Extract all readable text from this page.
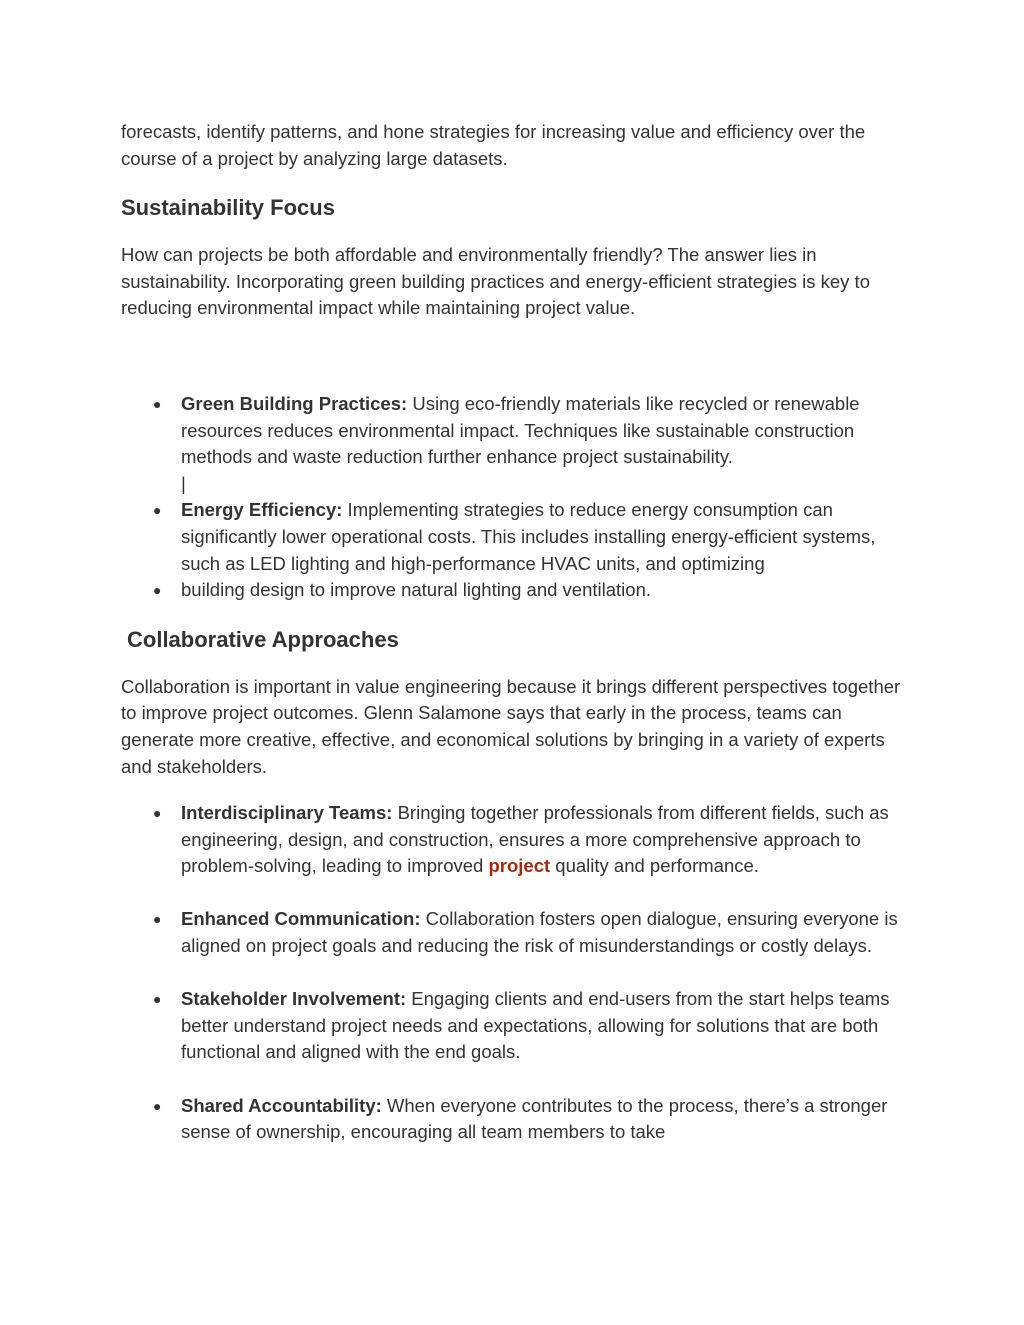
forecasts, identify patterns, and hone strategies for increasing value and efficiency over the course of a project by analyzing large datasets.

Sustainability Focus

How can projects be both affordable and environmentally friendly? The answer lies in sustainability. Incorporating green building practices and energy-efficient strategies is key to reducing environmental impact while maintaining project value.

● Green Building Practices: Using eco-friendly materials like recycled or renewable resources reduces environmental impact. Techniques like sustainable construction methods and waste reduction further enhance project sustainability.
|
● Energy Efficiency: Implementing strategies to reduce energy consumption can significantly lower operational costs. This includes installing energy-efficient systems, such as LED lighting and high-performance HVAC units, and optimizing
● building design to improve natural lighting and ventilation.
Collaborative Approaches

Collaboration is important in value engineering because it brings different perspectives together to improve project outcomes. Glenn Salamone says that early in the process, teams can generate more creative, effective, and economical solutions by bringing in a variety of experts and stakeholders.

● Interdisciplinary Teams: Bringing together professionals from different fields, such as engineering, design, and construction, ensures a more comprehensive approach to problem-solving, leading to improved project quality and performance.
● Enhanced Communication: Collaboration fosters open dialogue, ensuring everyone is aligned on project goals and reducing the risk of misunderstandings or costly delays.
● Stakeholder Involvement: Engaging clients and end-users from the start helps teams better understand project needs and expectations, allowing for solutions that are both functional and aligned with the end goals.
● Shared Accountability: When everyone contributes to the process, there’s a stronger sense of ownership, encouraging all team members to take
